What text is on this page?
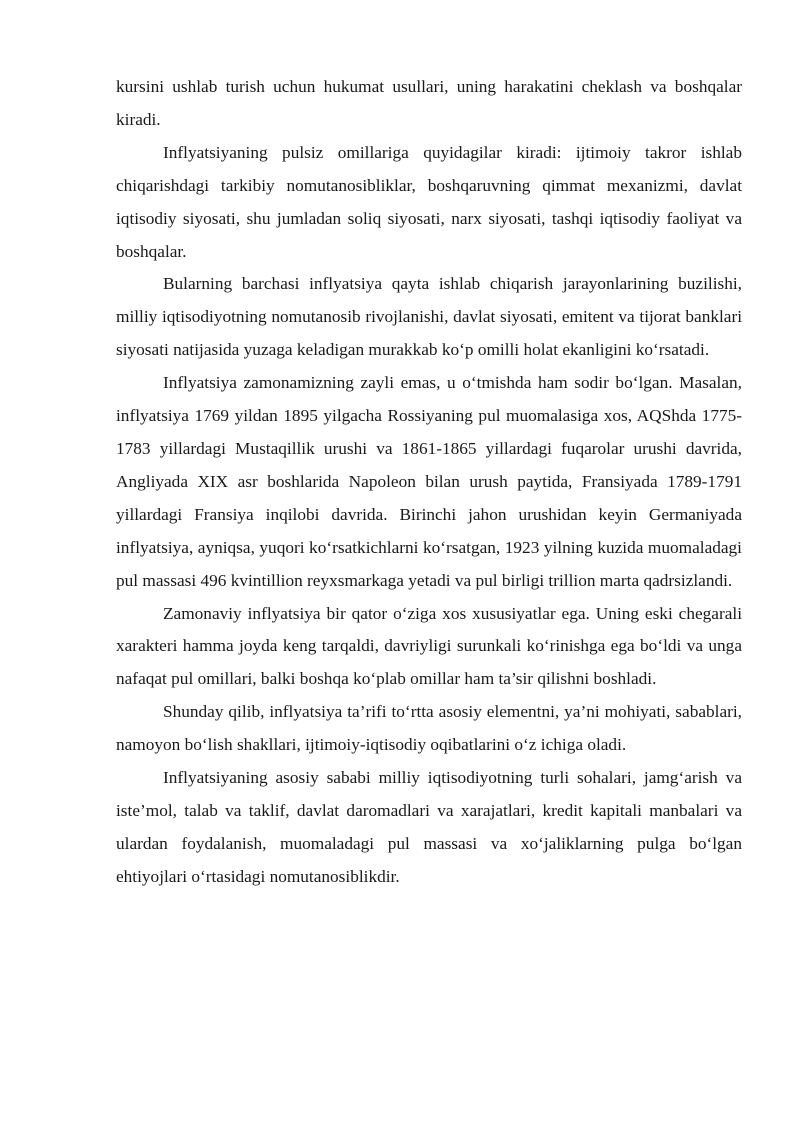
kursini ushlab turish uchun hukumat usullari, uning harakatini cheklash va boshqalar kiradi.

Inflyatsiyaning pulsiz omillariga quyidagilar kiradi: ijtimoiy takror ishlab chiqarishdagi tarkibiy nomutanosibliklar, boshqaruvning qimmat mexanizmi, davlat iqtisodiy siyosati, shu jumladan soliq siyosati, narx siyosati, tashqi iqtisodiy faoliyat va boshqalar.

Bularning barchasi inflyatsiya qayta ishlab chiqarish jarayonlarining buzilishi, milliy iqtisodiyotning nomutanosib rivojlanishi, davlat siyosati, emitent va tijorat banklari siyosati natijasida yuzaga keladigan murakkab ko‘p omilli holat ekanligini ko‘rsatadi.

Inflyatsiya zamonamizning zayli emas, u o‘tmishda ham sodir bo‘lgan. Masalan, inflyatsiya 1769 yildan 1895 yilgacha Rossiyaning pul muomalasiga xos, AQShda 1775-1783 yillardagi Mustaqillik urushi va 1861-1865 yillardagi fuqarolar urushi davrida, Angliyada XIX asr boshlarida Napoleon bilan urush paytida, Fransiyada 1789-1791 yillardagi Fransiya inqilobi davrida. Birinchi jahon urushidan keyin Germaniyada inflyatsiya, ayniqsa, yuqori ko‘rsatkichlarni ko‘rsatgan, 1923 yilning kuzida muomaladagi pul massasi 496 kvintillion reyxsmarkaga yetadi va pul birligi trillion marta qadrsizlandi.

Zamonaviy inflyatsiya bir qator o‘ziga xos xususiyatlar ega. Uning eski chegarali xarakteri hamma joyda keng tarqaldi, davriyligi surunkali ko‘rinishga ega bo‘ldi va unga nafaqat pul omillari, balki boshqa ko‘plab omillar ham ta’sir qilishni boshladi.

Shunday qilib, inflyatsiya ta’rifi to‘rtta asosiy elementni, ya’ni mohiyati, sabablari, namoyon bo‘lish shakllari, ijtimoiy-iqtisodiy oqibatlarini o‘z ichiga oladi.

Inflyatsiyaning asosiy sababi milliy iqtisodiyotning turli sohalari, jamg‘arish va iste’mol, talab va taklif, davlat daromadlari va xarajatlari, kredit kapitali manbalari va ulardan foydalanish, muomaladagi pul massasi va xo‘jaliklarning pulga bo‘lgan ehtiyojlari o‘rtasidagi nomutanosiblikdir.
